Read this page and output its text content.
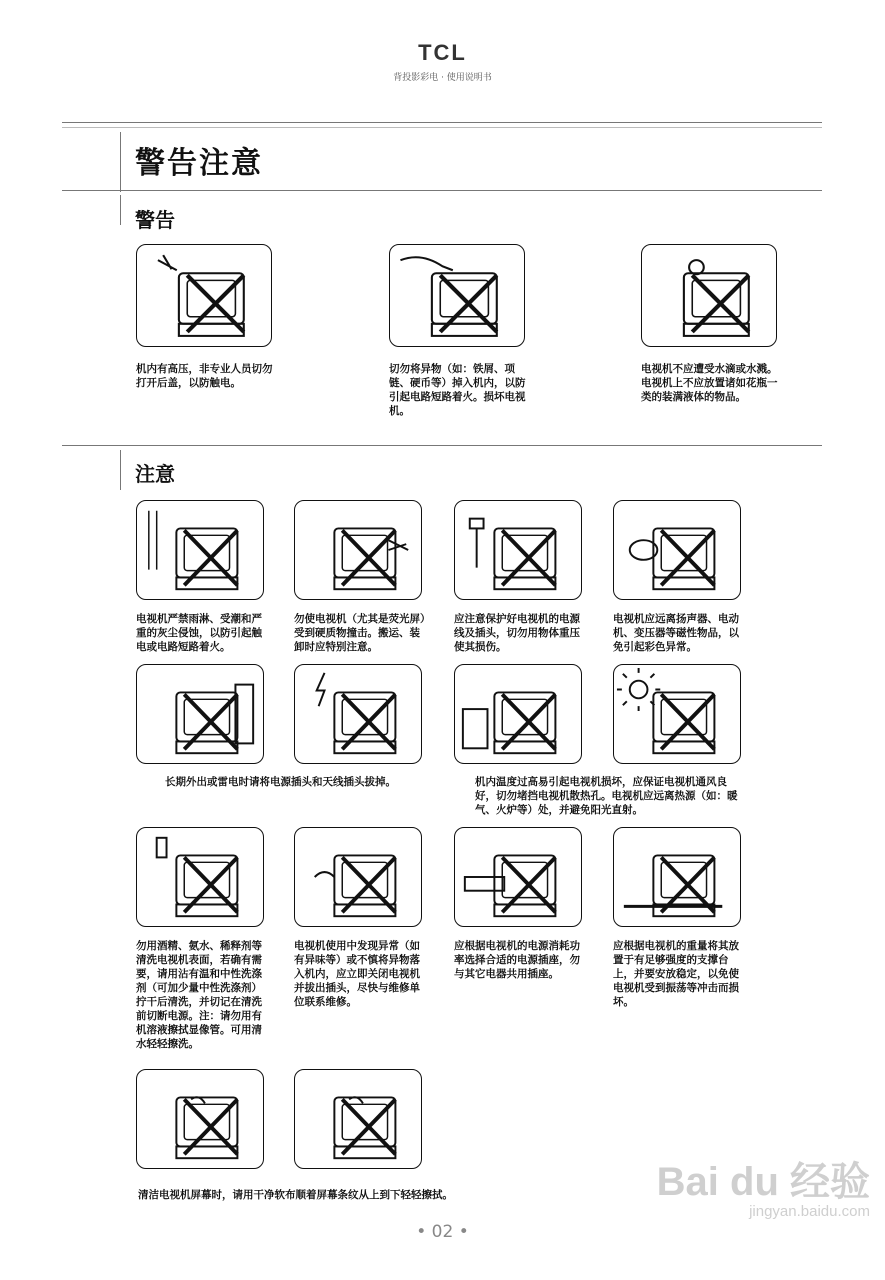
TCL
背投影彩电 · 使用说明书
警告注意
警告
机内有高压，非专业人员切勿打开后盖，以防触电。
切勿将异物（如：铁屑、项链、硬币等）掉入机内，以防引起电路短路着火。损坏电视机。
电视机不应遭受水滴或水溅。电视机上不应放置诸如花瓶一类的装满液体的物品。
注意
电视机严禁雨淋、受潮和严重的灰尘侵蚀，以防引起触电或电路短路着火。
勿使电视机（尤其是荧光屏）受到硬质物撞击。搬运、装卸时应特别注意。
应注意保护好电视机的电源线及插头，切勿用物体重压使其损伤。
电视机应远离扬声器、电动机、变压器等磁性物品，以免引起彩色异常。
勿用酒精、氨水、稀释剂等清洗电视机表面，若确有需要，请用沾有温和中性洗涤剂（可加少量中性洗涤剂）拧干后清洗，并切记在清洗前切断电源。注：请勿用有机溶液擦拭显像管。可用清水轻轻擦洗。
电视机使用中发现异常（如有异味等）或不慎将异物落入机内，应立即关闭电视机并拔出插头，尽快与维修单位联系维修。
应根据电视机的电源消耗功率选择合适的电源插座，勿与其它电器共用插座。
应根据电视机的重量将其放置于有足够强度的支撑台上，并要安放稳定，以免使电视机受到振荡等冲击而损坏。
长期外出或雷电时请将电源插头和天线插头拔掉。	机内温度过高易引起电视机损坏，应保证电视机通风良好，切勿堵挡电视机散热孔。电视机应远离热源（如：暖气、火炉等）处，并避免阳光直射。
清洁电视机屏幕时，请用干净软布顺着屏幕条纹从上到下轻轻擦拭。	Bai du 经验
jingyan.baidu.com
• 02 •
